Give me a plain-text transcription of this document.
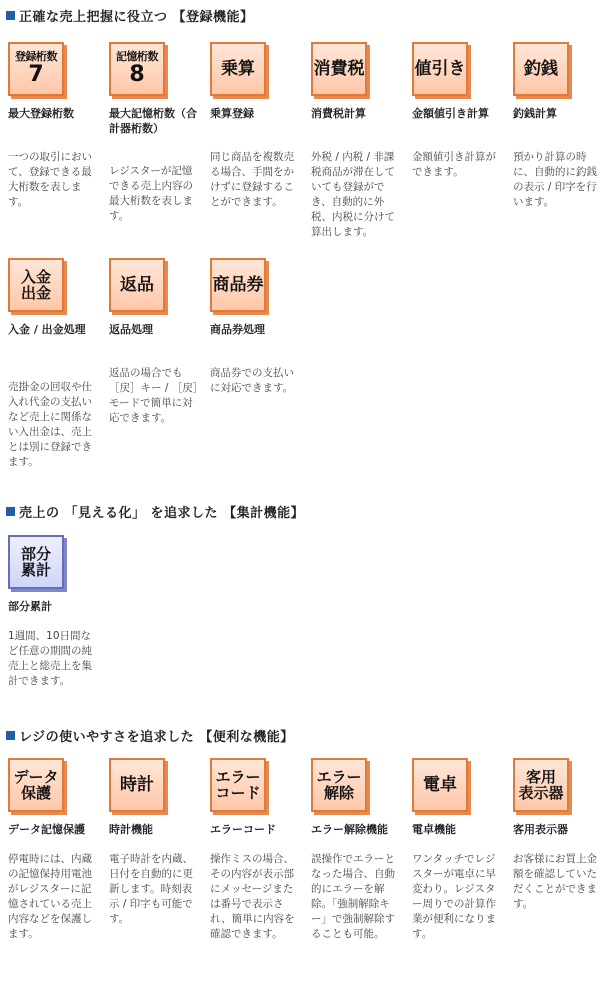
正確な売上把握に役立つ 【登録機能】
登録桁数
7
最大登録桁数
一つの取引において、登録できる最大桁数を表します。
記憶桁数
8
最大記憶桁数（合計器桁数）
レジスターが記憶できる売上内容の最大桁数を表します。
乗算
乗算登録
同じ商品を複数売る場合、手間をかけずに登録することができます。
消費税
消費税計算
外税 / 内税 / 非課税商品が滞在していても登録ができ、自動的に外税、内税に分けて算出します。
値引き
金額値引き計算
金額値引き計算ができます。
釣銭
釣銭計算
預かり計算の時に、自動的に釣銭の表示 / 印字を行います。
入金
出金
入金 / 出金処理
売掛金の回収や仕入れ代金の支払いなど売上に関係ない入出金は、売上とは別に登録できます。
返品
返品処理
返品の場合でも［戻］キー / ［戻］モードで簡単に対応できます。
商品券
商品券処理
商品券での支払いに対応できます。
売上の 「見える化」 を追求した 【集計機能】
部分
累計
部分累計
1週間、10日間など任意の期間の純売上と総売上を集計できます。
レジの使いやすさを追求した 【便利な機能】
データ
保護
データ記憶保護
停電時には、内蔵の記憶保持用電池がレジスターに記憶されている売上内容などを保護します。
時計
時計機能
電子時計を内蔵、日付を自動的に更新します。時刻表示 / 印字も可能です。
エラー
コード
エラーコード
操作ミスの場合、その内容が表示部にメッセージまたは番号で表示され、簡単に内容を確認できます。
エラー
解除
エラー解除機能
誤操作でエラーとなった場合、自動的にエラーを解除。「強制解除キー」で強制解除することも可能。
電卓
電卓機能
ワンタッチでレジスターが電卓に早変わり。レジスター周りでの計算作業が便利になります。
客用
表示器
客用表示器
お客様にお買上金額を確認していただくことができます。
